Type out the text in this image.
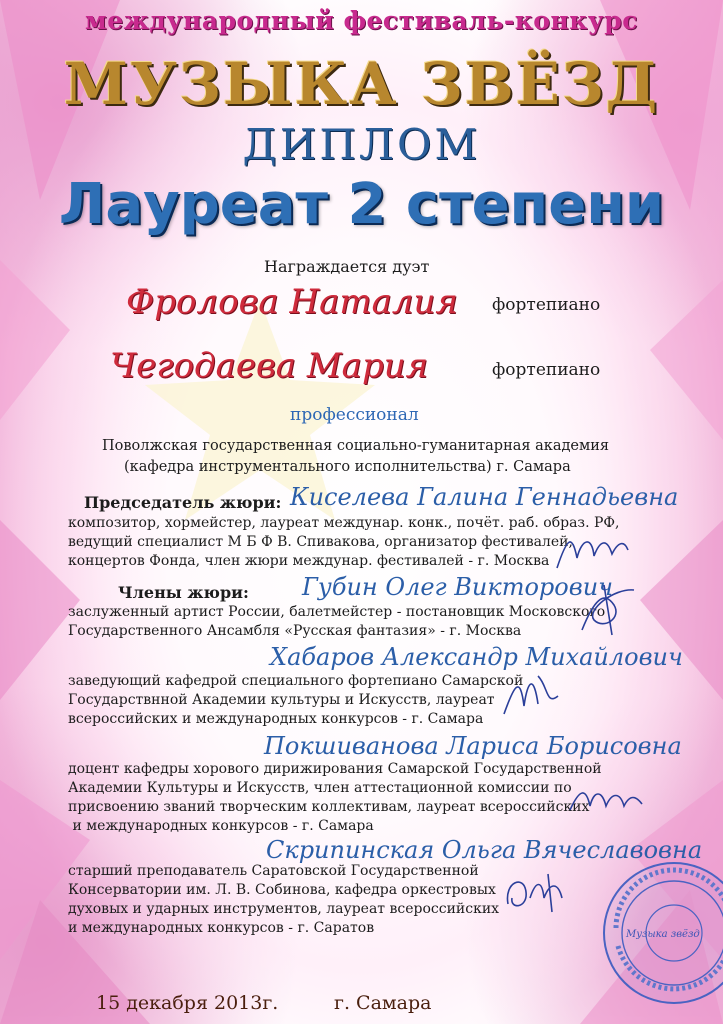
международный фестиваль-конкурс
МУЗЫКА ЗВЁЗД
ДИПЛОМ
Лауреат 2 степени
Награждается дуэт
Фролова Наталия фортепиано
Чегодаева Мария	фортепиано
профессионал
Поволжская государственная социально-гуманитарная академия
(кафедра инструментального исполнительства) г. Самара
Председатель жюри: Киселева Галина Геннадьевна
композитор, хормейстер, лауреат междунар. конк., почёт. раб. образ. РФ,
ведущий специалист М Б Ф В. Спивакова, организатор фестивалей,
концертов Фонда, член жюри междунар. фестивалей - г. Москва
Члены жюри: Губин Олег Викторович
заслуженный артист России, балетмейстер - постановщик Московского
Государственного Ансамбля «Русская фантазия» - г. Москва
Хабаров Александр Михайлович
заведующий кафедрой специального фортепиано Самарской
Государствнной Академии культуры и Искусств, лауреат
всероссийских и международных конкурсов - г. Самара
Покшиванова Лариса Борисовна
доцент кафедры хорового дирижирования Самарской Государственной
Академии Культуры и Искусств, член аттестационной комиссии по
присвоению званий творческим коллективам, лауреат всероссийских
и международных конкурсов - г. Самара
Скрипинская Ольга Вячеславовна
старший преподаватель Саратовской Государственной
Консерватории им. Л. В. Собинова, кафедра оркестровых
духовых и ударных инструментов, лауреат всероссийских
и международных конкурсов - г. Саратов	Музыка звёзд
15 декабря 2013г.	г. Самара
